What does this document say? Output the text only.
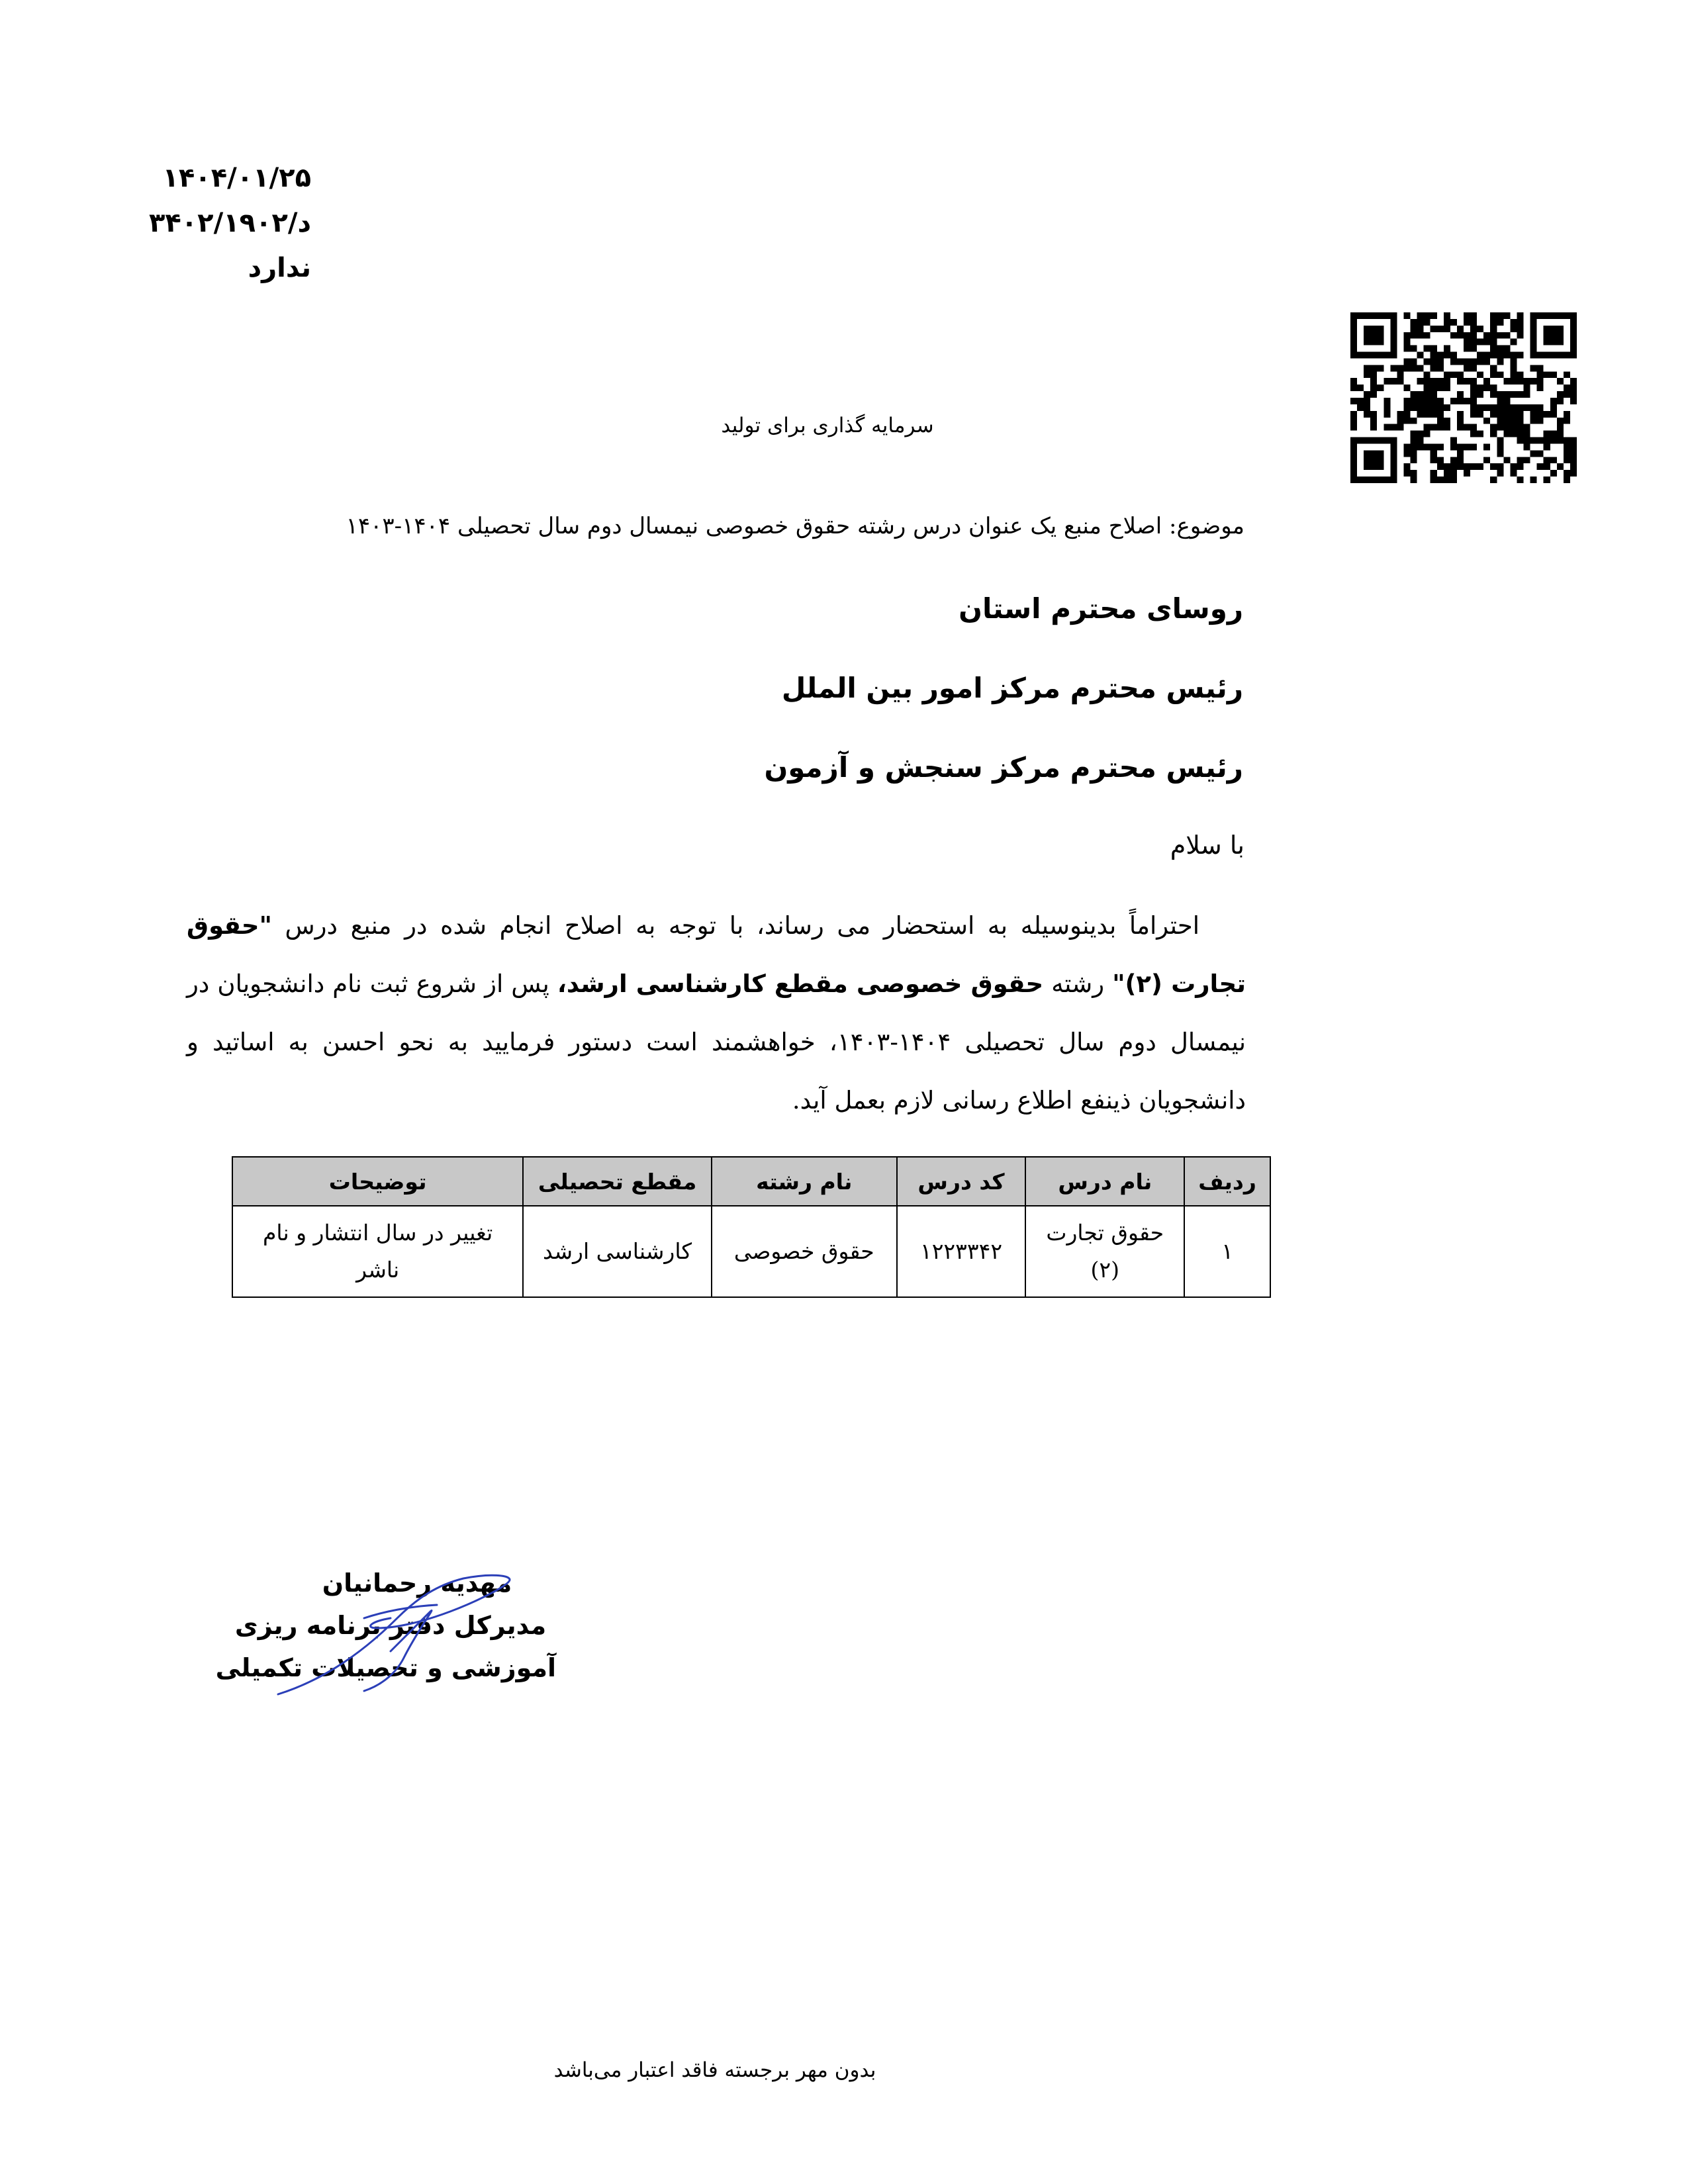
۱۴۰۴/۰۱/۲۵
۳۴۰۲/۱۹۰۲/د
ندارد
سرمایه گذاری برای تولید
موضوع: اصلاح منبع یک عنوان درس رشته حقوق خصوصی نیمسال دوم سال تحصیلی ۱۴۰۴-۱۴۰۳
روسای محترم استان
رئیس محترم مرکز امور بین الملل
رئیس محترم مرکز سنجش و آزمون
با سلام
احتراماً بدینوسیله به استحضار می رساند، با توجه به اصلاح انجام شده در منبع درس "حقوق تجارت (۲)" رشته حقوق خصوصی مقطع کارشناسی ارشد، پس از شروع ثبت نام دانشجویان در نیمسال دوم سال تحصیلی ۱۴۰۴-۱۴۰۳، خواهشمند است دستور فرمایید به نحو احسن به اساتید و دانشجویان ذینفع اطلاع رسانی لازم بعمل آید.
ردیف	نام درس	کد درس	نام رشته	مقطع تحصیلی	توضیحات
۱	حقوق تجارت (۲)	۱۲۲۳۳۴۲	حقوق خصوصی	کارشناسی ارشد	تغییر در سال انتشار و نام ناشر
مهدیه رحمانیان
مدیرکل دفتر برنامه ریزی
آموزشی و تحصیلات تکمیلی
بدون مهر برجسته فاقد اعتبار می‌باشد
